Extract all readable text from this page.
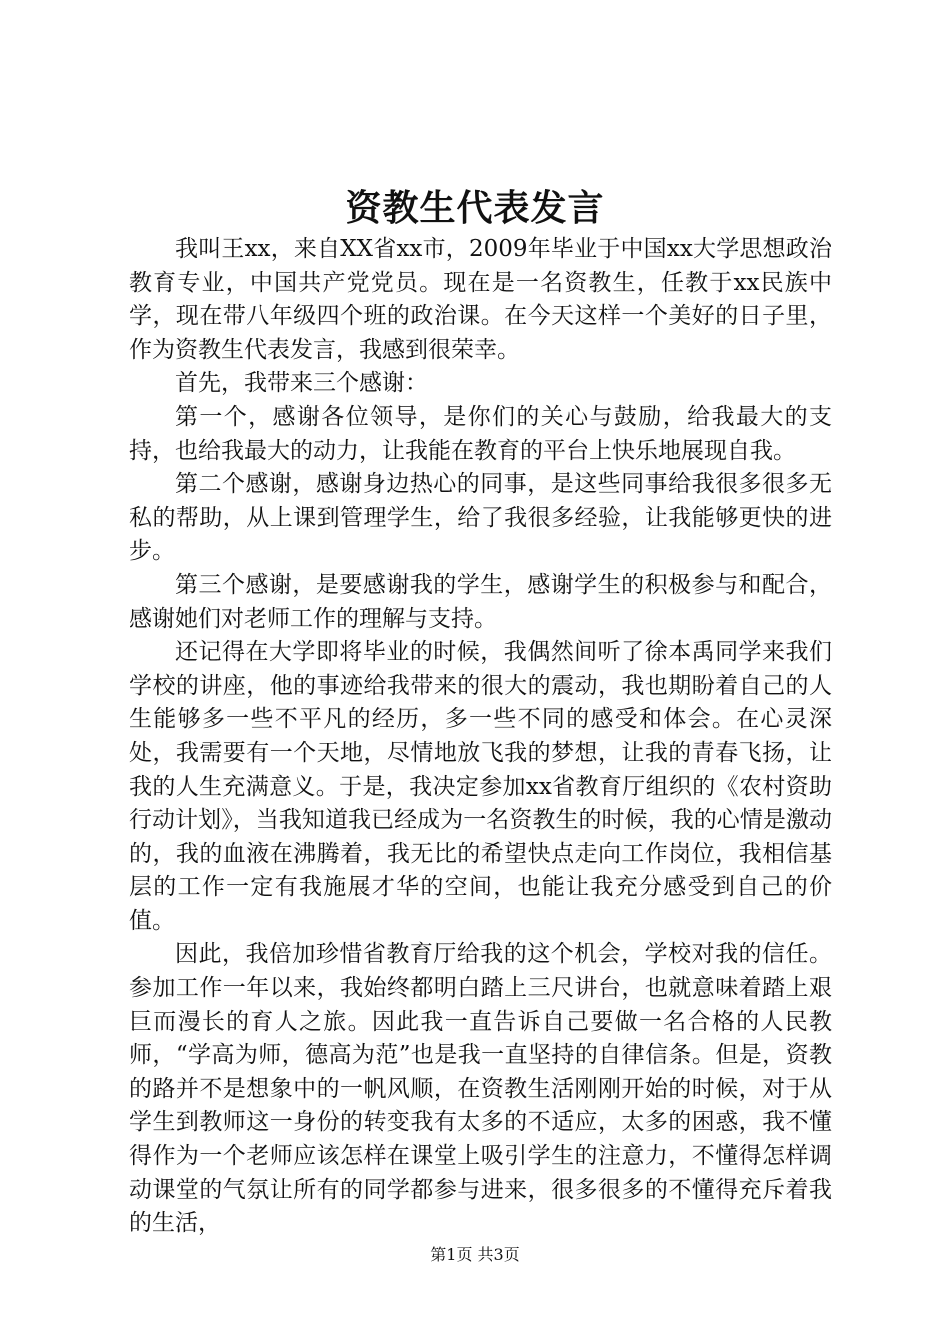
资教生代表发言

我叫王xx，来自XX省xx市，2009年毕业于中国xx大学思想政治教育专业，中国共产党党员。现在是一名资教生，任教于xx民族中学，现在带八年级四个班的政治课。在今天这样一个美好的日子里，作为资教生代表发言，我感到很荣幸。

首先，我带来三个感谢：

第一个，感谢各位领导，是你们的关心与鼓励，给我最大的支持，也给我最大的动力，让我能在教育的平台上快乐地展现自我。

第二个感谢，感谢身边热心的同事，是这些同事给我很多很多无私的帮助，从上课到管理学生，给了我很多经验，让我能够更快的进步。

第三个感谢，是要感谢我的学生，感谢学生的积极参与和配合，感谢她们对老师工作的理解与支持。

还记得在大学即将毕业的时候，我偶然间听了徐本禹同学来我们学校的讲座，他的事迹给我带来的很大的震动，我也期盼着自己的人生能够多一些不平凡的经历，多一些不同的感受和体会。在心灵深处，我需要有一个天地，尽情地放飞我的梦想，让我的青春飞扬，让我的人生充满意义。于是，我决定参加xx省教育厅组织的《农村资助行动计划》，当我知道我已经成为一名资教生的时候，我的心情是激动的，我的血液在沸腾着，我无比的希望快点走向工作岗位，我相信基层的工作一定有我施展才华的空间，也能让我充分感受到自己的价值。

因此，我倍加珍惜省教育厅给我的这个机会，学校对我的信任。参加工作一年以来，我始终都明白踏上三尺讲台，也就意味着踏上艰巨而漫长的育人之旅。因此我一直告诉自己要做一名合格的人民教师，“学高为师，德高为范”也是我一直坚持的自律信条。但是，资教的路并不是想象中的一帆风顺，在资教生活刚刚开始的时候，对于从学生到教师这一身份的转变我有太多的不适应，太多的困惑，我不懂得作为一个老师应该怎样在课堂上吸引学生的注意力，不懂得怎样调动课堂的气氛让所有的同学都参与进来，很多很多的不懂得充斥着我的生活，

第1页 共3页
